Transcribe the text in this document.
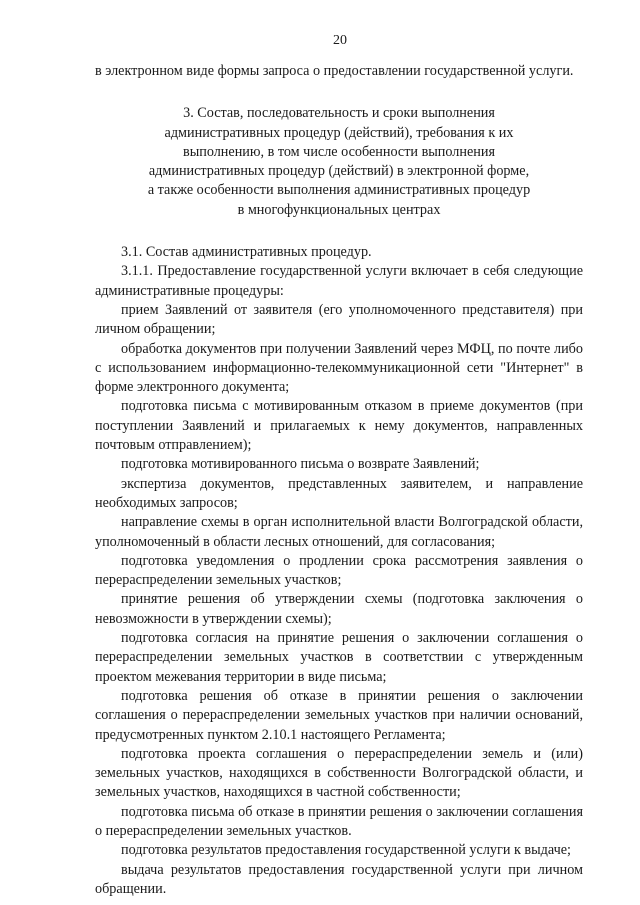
20

в электронном виде формы запроса о предоставлении государственной услуги.

3. Состав, последовательность и сроки выполнения
административных процедур (действий), требования к их
выполнению, в том числе особенности выполнения
административных процедур (действий) в электронной форме,
а также особенности выполнения административных процедур
в многофункциональных центрах

3.1. Состав административных процедур.

3.1.1. Предоставление государственной услуги включает в себя следующие административные процедуры:

прием Заявлений от заявителя (его уполномоченного представителя) при личном обращении;

обработка документов при получении Заявлений через МФЦ, по почте либо с использованием информационно-телекоммуникационной сети "Интернет" в форме электронного документа;

подготовка письма с мотивированным отказом в приеме документов (при поступлении Заявлений и прилагаемых к нему документов, направленных почтовым отправлением);

подготовка мотивированного письма о возврате Заявлений;

экспертиза документов, представленных заявителем, и направление необходимых запросов;

направление схемы в орган исполнительной власти Волгоградской области, уполномоченный в области лесных отношений, для согласования;

подготовка уведомления о продлении срока рассмотрения заявления о перераспределении земельных участков;

принятие решения об утверждении схемы (подготовка заключения о невозможности в утверждении схемы);

подготовка согласия на принятие решения о заключении соглашения о перераспределении земельных участков в соответствии с утвержденным проектом межевания территории в виде письма;

подготовка решения об отказе в принятии решения о заключении соглашения о перераспределении земельных участков при наличии оснований, предусмотренных пунктом 2.10.1 настоящего Регламента;

подготовка проекта соглашения о перераспределении земель и (или) земельных участков, находящихся в собственности Волгоградской области, и земельных участков, находящихся в частной собственности;

подготовка письма об отказе в принятии решения о заключении соглашения о перераспределении земельных участков.

подготовка результатов предоставления государственной услуги к выдаче;

выдача результатов предоставления государственной услуги при личном обращении.
